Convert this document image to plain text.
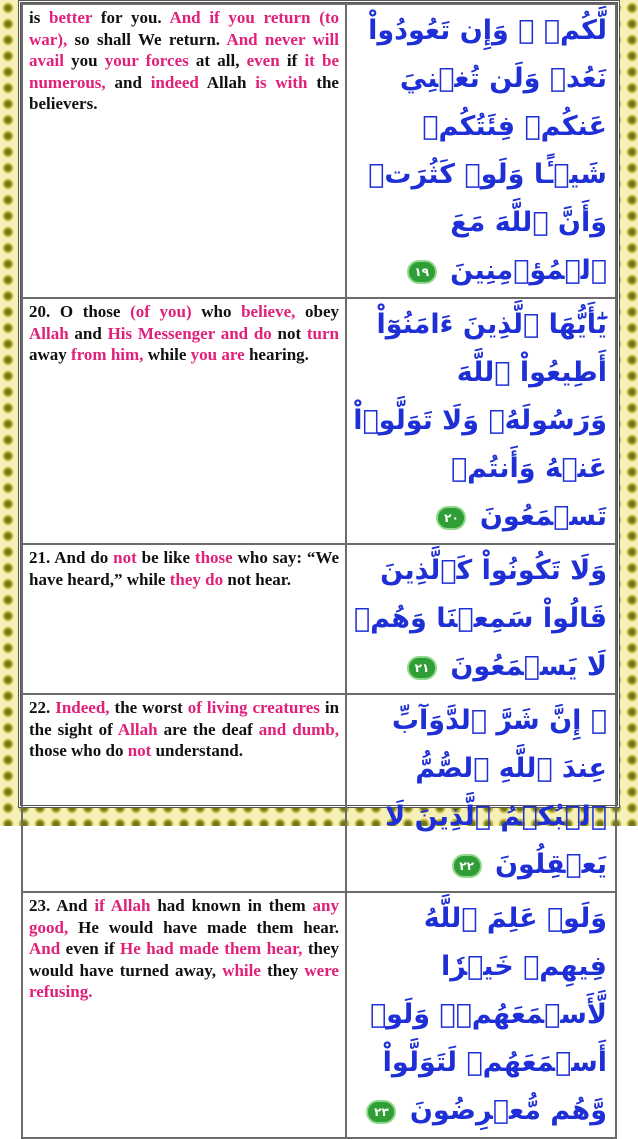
is better for you. And if you return (to war), so shall We return. And never will avail you your forces at all, even if it be numerous, and indeed Allah is with the believers.	لَّكُمۡ ۖ وَإِن تَعُودُواْ نَعُدۡ وَلَن تُغۡنِيَ عَنكُمۡ فِئَتُكُمۡ شَيۡـًٔا وَلَوۡ كَثُرَتۡ وَأَنَّ ٱللَّهَ مَعَ ٱلۡمُؤۡمِنِينَ ١٩

20. O those (of you) who believe, obey Allah and His Messenger and do not turn away from him, while you are hearing.	يَٰٓأَيُّهَا ٱلَّذِينَ ءَامَنُوٓاْ أَطِيعُواْ ٱللَّهَ وَرَسُولَهُۥ وَلَا تَوَلَّوۡاْ عَنۡهُ وَأَنتُمۡ تَسۡمَعُونَ ٢٠

21. And do not be like those who say: “We have heard,” while they do not hear.	وَلَا تَكُونُواْ كَٱلَّذِينَ قَالُواْ سَمِعۡنَا وَهُمۡ لَا يَسۡمَعُونَ ٢١

22. Indeed, the worst of living creatures in the sight of Allah are the deaf and dumb, those who do not understand.	۞ إِنَّ شَرَّ ٱلدَّوَآبِّ عِندَ ٱللَّهِ ٱلصُّمُّ ٱلۡبُكۡمُ ٱلَّذِينَ لَا يَعۡقِلُونَ ٢٢

23. And if Allah had known in them any good, He would have made them hear. And even if He had made them hear, they would have turned away, while they were refusing.	وَلَوۡ عَلِمَ ٱللَّهُ فِيهِمۡ خَيۡرٗا لَّأَسۡمَعَهُمۡۖ وَلَوۡ أَسۡمَعَهُمۡ لَتَوَلَّواْ وَّهُم مُّعۡرِضُونَ ٢٣
